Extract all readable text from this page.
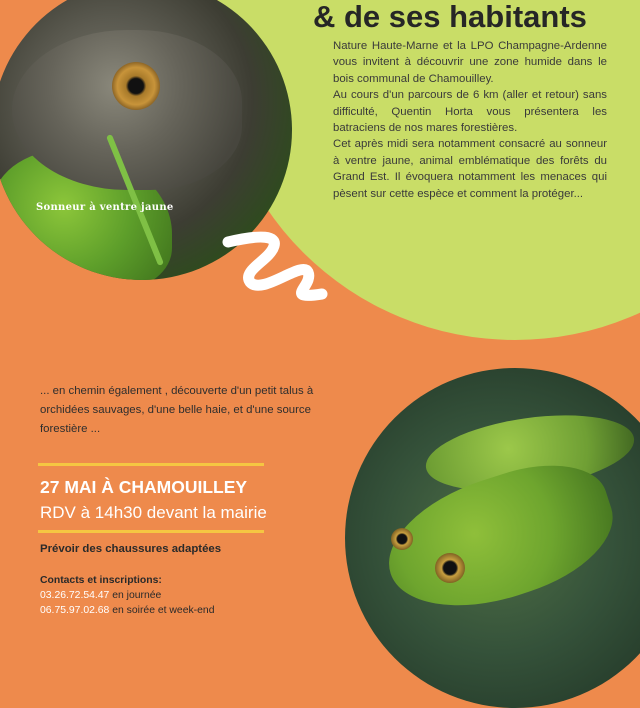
Sonneur à ventre jaune
& de ses habitants

Nature Haute-Marne et la LPO Champagne-Ardenne vous invitent à découvrir une zone humide dans le bois communal de Chamouilley.

Au cours d'un parcours de 6 km (aller et retour) sans difficulté, Quentin Horta vous présentera les batraciens de nos mares forestières.

Cet après midi sera notamment consacré au sonneur à ventre jaune, animal emblématique des forêts du Grand Est. Il évoquera notamment les menaces qui pèsent sur cette espèce et comment la protéger...

... en chemin également , découverte d'un petit talus à orchidées sauvages, d'une belle haie, et d'une source forestière ...

27 MAI À CHAMOUILLEY

RDV à 14h30 devant la mairie

Prévoir des chaussures adaptées

Contacts et inscriptions:

03.26.72.54.47 en journée

06.75.97.02.68 en soirée et week-end
